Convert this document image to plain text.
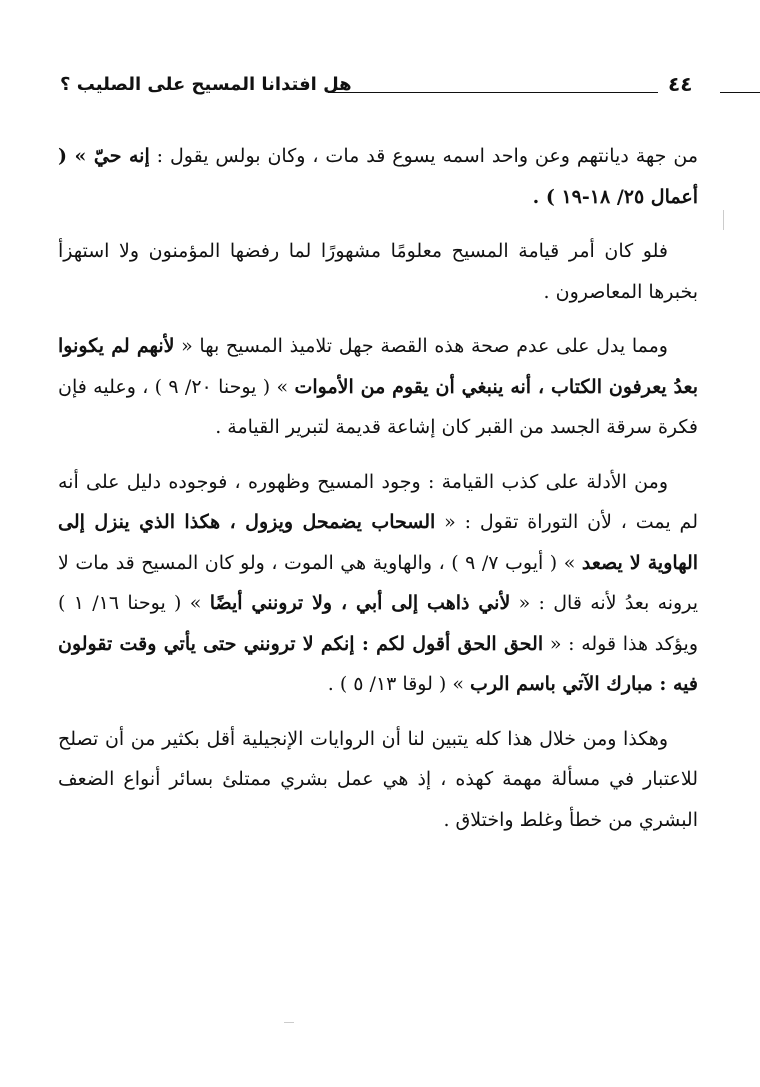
هل افتدانا المسيح على الصليب ؟	٤٤

من جهة ديانتهم وعن واحد اسمه يسوع قد مات ، وكان بولس يقول : إنه حيّ » ( أعمال ٢٥/ ١٨-١٩ ) .

فلو كان أمر قيامة المسيح معلومًا مشهورًا لما رفضها المؤمنون ولا استهزأ بخبرها المعاصرون .

ومما يدل على عدم صحة هذه القصة جهل تلاميذ المسيح بها « لأنهم لم يكونوا بعدُ يعرفون الكتاب ، أنه ينبغي أن يقوم من الأموات » ( يوحنا ٢٠/ ٩ ) ، وعليه فإن فكرة سرقة الجسد من القبر كان إشاعة قديمة لتبرير القيامة .

ومن الأدلة على كذب القيامة : وجود المسيح وظهوره ، فوجوده دليل على أنه لم يمت ، لأن التوراة تقول : « السحاب يضمحل ويزول ، هكذا الذي ينزل إلى الهاوية لا يصعد » ( أيوب ٧/ ٩ ) ، والهاوية هي الموت ، ولو كان المسيح قد مات لا يرونه بعدُ لأنه قال : « لأني ذاهب إلى أبي ، ولا ترونني أيضًا » ( يوحنا ١٦/ ١ ) ويؤكد هذا قوله : « الحق الحق أقول لكم : إنكم لا ترونني حتى يأتي وقت تقولون فيه : مبارك الآتي باسم الرب » ( لوقا ١٣/ ٥ ) .

وهكذا ومن خلال هذا كله يتبين لنا أن الروايات الإنجيلية أقل بكثير من أن تصلح للاعتبار في مسألة مهمة كهذه ، إذ هي عمل بشري ممتلئ بسائر أنواع الضعف البشري من خطأ وغلط واختلاق .
